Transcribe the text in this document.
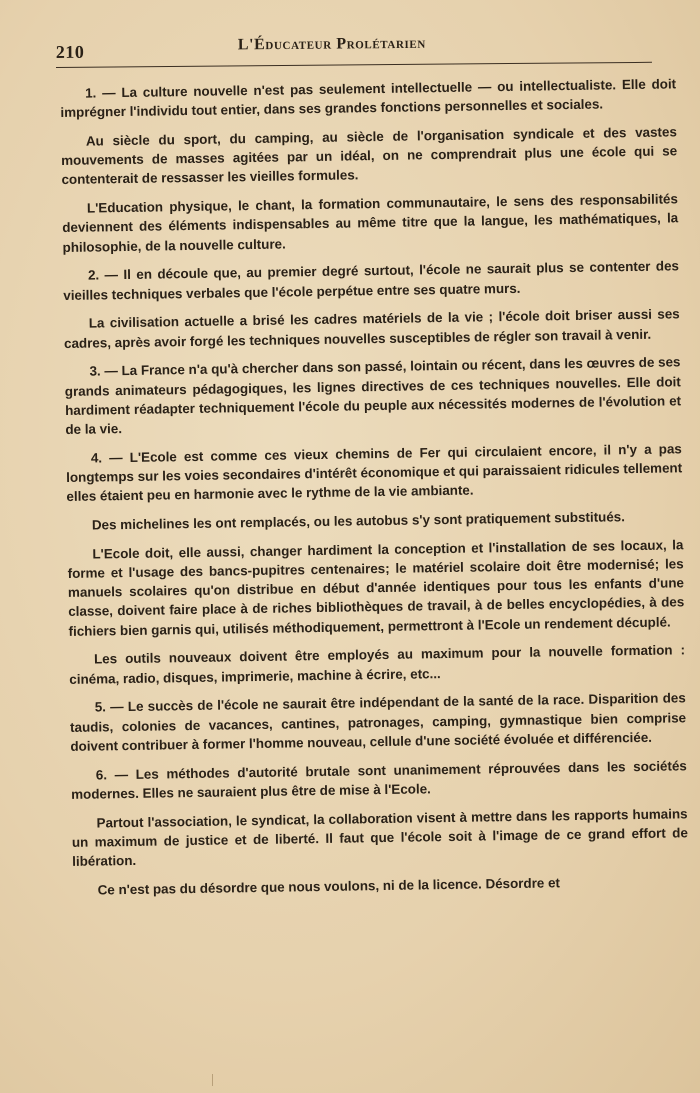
210	L'Éducateur Prolétarien

1. — La culture nouvelle n'est pas seulement intellectuelle — ou intellectualiste. Elle doit imprégner l'individu tout entier, dans ses grandes fonctions personnelles et sociales.

Au siècle du sport, du camping, au siècle de l'organisation syndicale et des vastes mouvements de masses agitées par un idéal, on ne comprendrait plus une école qui se contenterait de ressasser les vieilles formules.

L'Education physique, le chant, la formation communautaire, le sens des responsabilités deviennent des éléments indispensables au même titre que la langue, les mathématiques, la philosophie, de la nouvelle culture.

2. — Il en découle que, au premier degré surtout, l'école ne saurait plus se contenter des vieilles techniques verbales que l'école perpétue entre ses quatre murs.

La civilisation actuelle a brisé les cadres matériels de la vie ; l'école doit briser aussi ses cadres, après avoir forgé les techniques nouvelles susceptibles de régler son travail à venir.

3. — La France n'a qu'à chercher dans son passé, lointain ou récent, dans les œuvres de ses grands animateurs pédagogiques, les lignes directives de ces techniques nouvelles. Elle doit hardiment réadapter techniquement l'école du peuple aux nécessités modernes de l'évolution et de la vie.

4. — L'Ecole est comme ces vieux chemins de Fer qui circulaient encore, il n'y a pas longtemps sur les voies secondaires d'intérêt économique et qui paraissaient ridicules tellement elles étaient peu en harmonie avec le rythme de la vie ambiante.

Des michelines les ont remplacés, ou les autobus s'y sont pratiquement substitués.

L'Ecole doit, elle aussi, changer hardiment la conception et l'installation de ses locaux, la forme et l'usage des bancs-pupitres centenaires; le matériel scolaire doit être modernisé; les manuels scolaires qu'on distribue en début d'année identiques pour tous les enfants d'une classe, doivent faire place à de riches bibliothèques de travail, à de belles encyclopédies, à des fichiers bien garnis qui, utilisés méthodiquement, permettront à l'Ecole un rendement décuplé.

Les outils nouveaux doivent être employés au maximum pour la nouvelle formation : cinéma, radio, disques, imprimerie, machine à écrire, etc...

5. — Le succès de l'école ne saurait être indépendant de la santé de la race. Disparition des taudis, colonies de vacances, cantines, patronages, camping, gymnastique bien comprise doivent contribuer à former l'homme nouveau, cellule d'une société évoluée et différenciée.

6. — Les méthodes d'autorité brutale sont unanimement réprouvées dans les sociétés modernes. Elles ne sauraient plus être de mise à l'Ecole.

Partout l'association, le syndicat, la collaboration visent à mettre dans les rapports humains un maximum de justice et de liberté. Il faut que l'école soit à l'image de ce grand effort de libération.

Ce n'est pas du désordre que nous voulons, ni de la licence. Désordre et
